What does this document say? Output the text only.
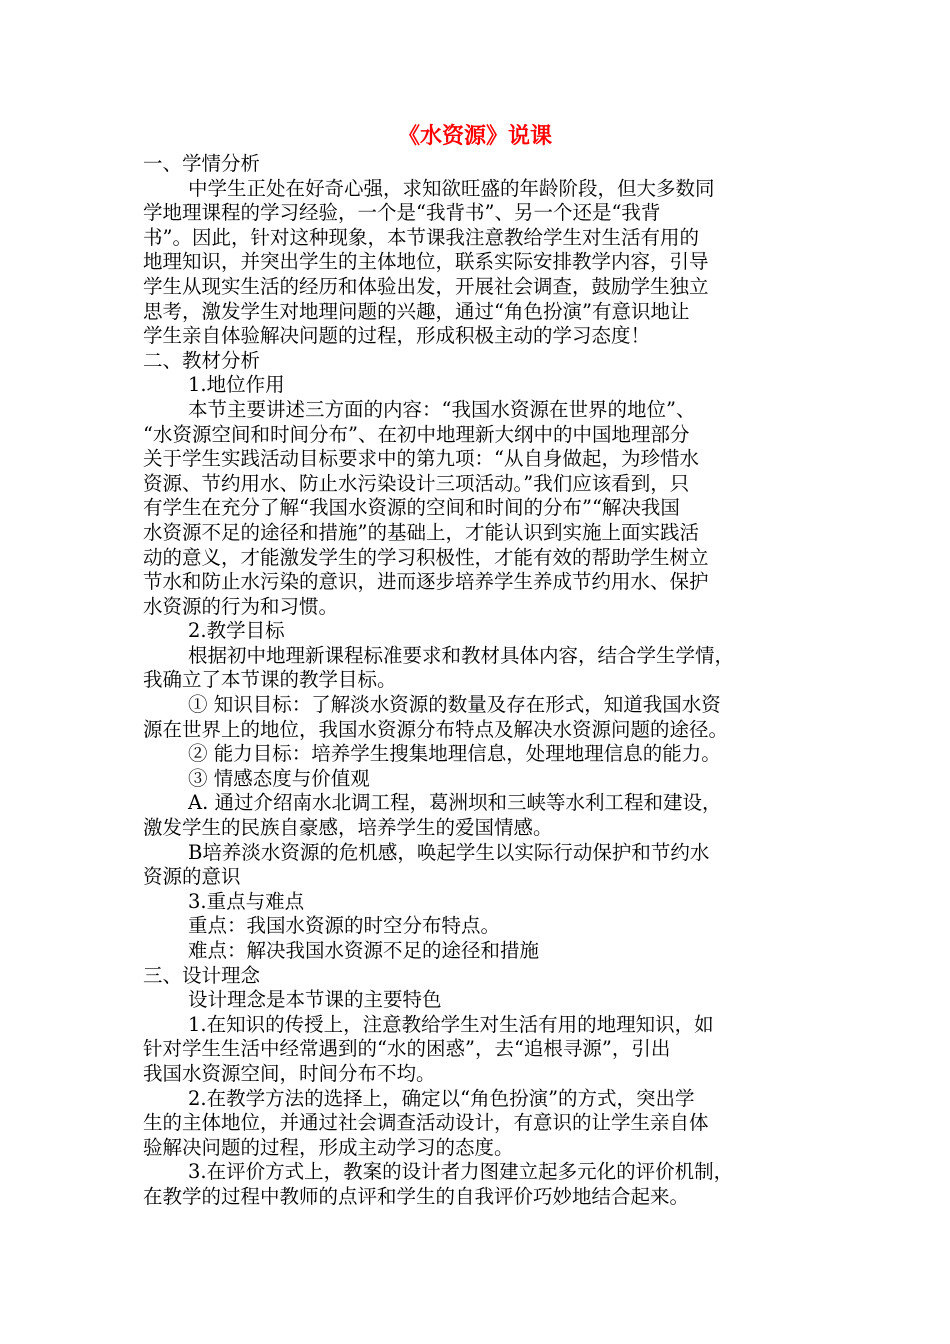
《水资源》说课

一、学情分析

中学生正处在好奇心强，求知欲旺盛的年龄阶段，但大多数同

学地理课程的学习经验，一个是“我背书”、另一个还是“我背

书”。因此，针对这种现象，本节课我注意教给学生对生活有用的

地理知识，并突出学生的主体地位，联系实际安排教学内容，引导

学生从现实生活的经历和体验出发，开展社会调查，鼓励学生独立

思考，激发学生对地理问题的兴趣，通过“角色扮演”有意识地让

学生亲自体验解决问题的过程，形成积极主动的学习态度！

二、教材分析

1.地位作用

本节主要讲述三方面的内容：“我国水资源在世界的地位”、

“水资源空间和时间分布”、在初中地理新大纲中的中国地理部分

关于学生实践活动目标要求中的第九项：“从自身做起，为珍惜水

资源、节约用水、防止水污染设计三项活动。”我们应该看到，只

有学生在充分了解“我国水资源的空间和时间的分布”“解决我国

水资源不足的途径和措施”的基础上，才能认识到实施上面实践活

动的意义，才能激发学生的学习积极性，才能有效的帮助学生树立

节水和防止水污染的意识，进而逐步培养学生养成节约用水、保护

水资源的行为和习惯。

2.教学目标

根据初中地理新课程标准要求和教材具体内容，结合学生学情，

我确立了本节课的教学目标。

① 知识目标：了解淡水资源的数量及存在形式，知道我国水资

源在世界上的地位，我国水资源分布特点及解决水资源问题的途径。

② 能力目标：培养学生搜集地理信息，处理地理信息的能力。

③ 情感态度与价值观

A. 通过介绍南水北调工程，葛洲坝和三峡等水利工程和建设，

激发学生的民族自豪感，培养学生的爱国情感。

B培养淡水资源的危机感，唤起学生以实际行动保护和节约水

资源的意识

3.重点与难点

重点：我国水资源的时空分布特点。

难点：解决我国水资源不足的途径和措施

三、设计理念

设计理念是本节课的主要特色

1.在知识的传授上，注意教给学生对生活有用的地理知识，如

针对学生生活中经常遇到的“水的困惑”，去“追根寻源”，引出

我国水资源空间，时间分布不均。

2.在教学方法的选择上，确定以“角色扮演”的方式，突出学

生的主体地位，并通过社会调查活动设计，有意识的让学生亲自体

验解决问题的过程，形成主动学习的态度。

3.在评价方式上，教案的设计者力图建立起多元化的评价机制，

在教学的过程中教师的点评和学生的自我评价巧妙地结合起来。
